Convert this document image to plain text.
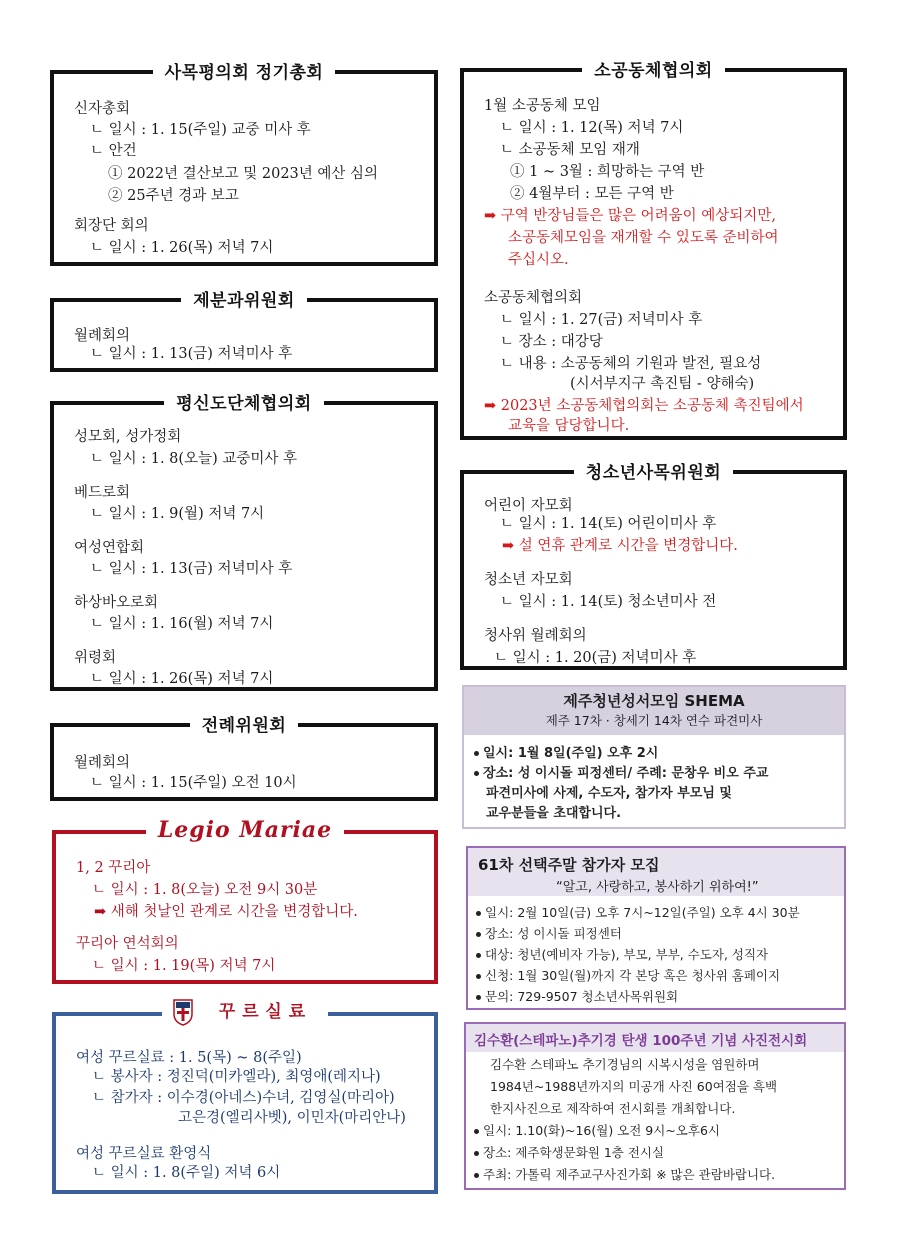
사목평의회 정기총회
신자총회
ㄴ 일시 : 1. 15(주일) 교중 미사 후
ㄴ 안건
① 2022년 결산보고 및 2023년 예산 심의
② 25주년 경과 보고
회장단 회의
ㄴ 일시 : 1. 26(목) 저녁 7시
제분과위원회
월례회의
ㄴ 일시 : 1. 13(금) 저녁미사 후
평신도단체협의회
성모회, 성가정회
ㄴ 일시 : 1. 8(오늘) 교중미사 후
베드로회
ㄴ 일시 : 1. 9(월) 저녁 7시
여성연합회
ㄴ 일시 : 1. 13(금) 저녁미사 후
하상바오로회
ㄴ 일시 : 1. 16(월) 저녁 7시
위령회
ㄴ 일시 : 1. 26(목) 저녁 7시
전례위원회
월례회의
ㄴ 일시 : 1. 15(주일) 오전 10시
Legio Mariae
1, 2 꾸리아
ㄴ 일시 : 1. 8(오늘) 오전 9시 30분
➡ 새해 첫날인 관계로 시간을 변경합니다.
꾸리아 연석회의
ㄴ 일시 : 1. 19(목) 저녁 7시
꾸 르 실 료
여성 꾸르실료 : 1. 5(목) ~ 8(주일)
ㄴ 봉사자 : 정진덕(미카엘라), 최영애(레지나)
ㄴ 참가자 : 이수경(아네스)수녀, 김영실(마리아)
고은경(엘리사벳), 이민자(마리안나)
여성 꾸르실료 환영식
ㄴ 일시 : 1. 8(주일) 저녁 6시
소공동체협의회
1월 소공동체 모임
ㄴ 일시 : 1. 12(목) 저녁 7시
ㄴ 소공동체 모임 재개
① 1 ~ 3월 : 희망하는 구역 반
② 4월부터 : 모든 구역 반
➡ 구역 반장님들은 많은 어려움이 예상되지만,
소공동체모임을 재개할 수 있도록 준비하여
주십시오.
소공동체협의회
ㄴ 일시 : 1. 27(금) 저녁미사 후
ㄴ 장소 : 대강당
ㄴ 내용 : 소공동체의 기원과 발전, 필요성
(시서부지구 촉진팀 - 양해숙)
➡ 2023년 소공동체협의회는 소공동체 촉진팀에서
교육을 담당합니다.
청소년사목위원회
어린이 자모회
ㄴ 일시 : 1. 14(토) 어린이미사 후
➡ 설 연휴 관계로 시간을 변경합니다.
청소년 자모회
ㄴ 일시 : 1. 14(토) 청소년미사 전
청사위 월례회의
ㄴ 일시 : 1. 20(금) 저녁미사 후
제주청년성서모임 SHEMA
제주 17차 · 창세기 14차 연수 파견미사
일시: 1월 8일(주일) 오후 2시
장소: 성 이시돌 피정센터/ 주례: 문창우 비오 주교
파견미사에 사제, 수도자, 참가자 부모님 및
교우분들을 초대합니다.
61차 선택주말 참가자 모집
“알고, 사랑하고, 봉사하기 위하여!”
일시: 2월 10일(금) 오후 7시~12일(주일) 오후 4시 30분
장소: 성 이시돌 피정센터
대상: 청년(예비자 가능), 부모, 부부, 수도자, 성직자
신청: 1월 30일(월)까지 각 본당 혹은 청사위 홈페이지
문의: 729-9507 청소년사목위원회
김수환(스테파노)추기경 탄생 100주년 기념 사진전시회
김수환 스테파노 추기경님의 시복시성을 염원하며
1984년~1988년까지의 미공개 사진 60여점을 흑백
한지사진으로 제작하여 전시회를 개최합니다.
일시: 1.10(화)~16(월) 오전 9시~오후6시
장소: 제주학생문화원 1층 전시실
주최: 가톨릭 제주교구사진가회 ※ 많은 관람바랍니다.
